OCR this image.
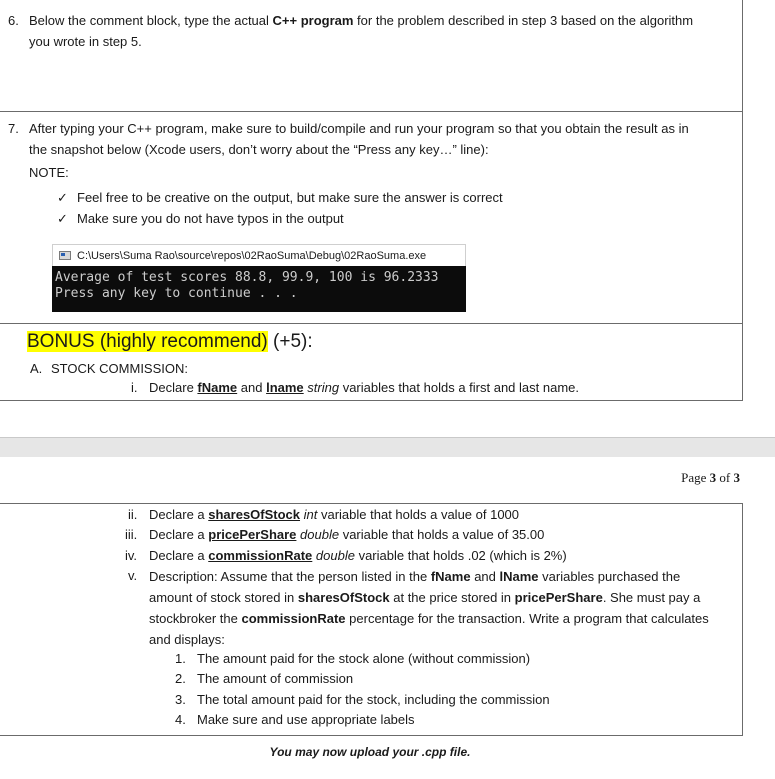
6. Below the comment block, type the actual C++ program for the problem described in step 3 based on the algorithm
you wrote in step 5.
7. After typing your C++ program, make sure to build/compile and run your program so that you obtain the result as in
the snapshot below (Xcode users, don’t worry about the “Press any key…” line):
NOTE:
✓ Feel free to be creative on the output, but make sure the answer is correct
✓ Make sure you do not have typos in the output
C:\Users\Suma Rao\source\repos\02RaoSuma\Debug\02RaoSuma.exe
Average of test scores 88.8, 99.9, 100 is 96.2333
Press any key to continue . . .
BONUS (highly recommend) (+5):
A. STOCK COMMISSION:
i. Declare fName and lname string variables that holds a first and last name.
Page 3 of 3
ii. Declare a sharesOfStock int variable that holds a value of 1000
iii. Declare a pricePerShare double variable that holds a value of 35.00
iv. Declare a commissionRate double variable that holds .02 (which is 2%)
v. Description: Assume that the person listed in the fName and lName variables purchased the
amount of stock stored in sharesOfStock at the price stored in pricePerShare. She must pay a
stockbroker the commissionRate percentage for the transaction. Write a program that calculates
and displays:
1. The amount paid for the stock alone (without commission)
2. The amount of commission
3. The total amount paid for the stock, including the commission
4. Make sure and use appropriate labels
You may now upload your .cpp file.
